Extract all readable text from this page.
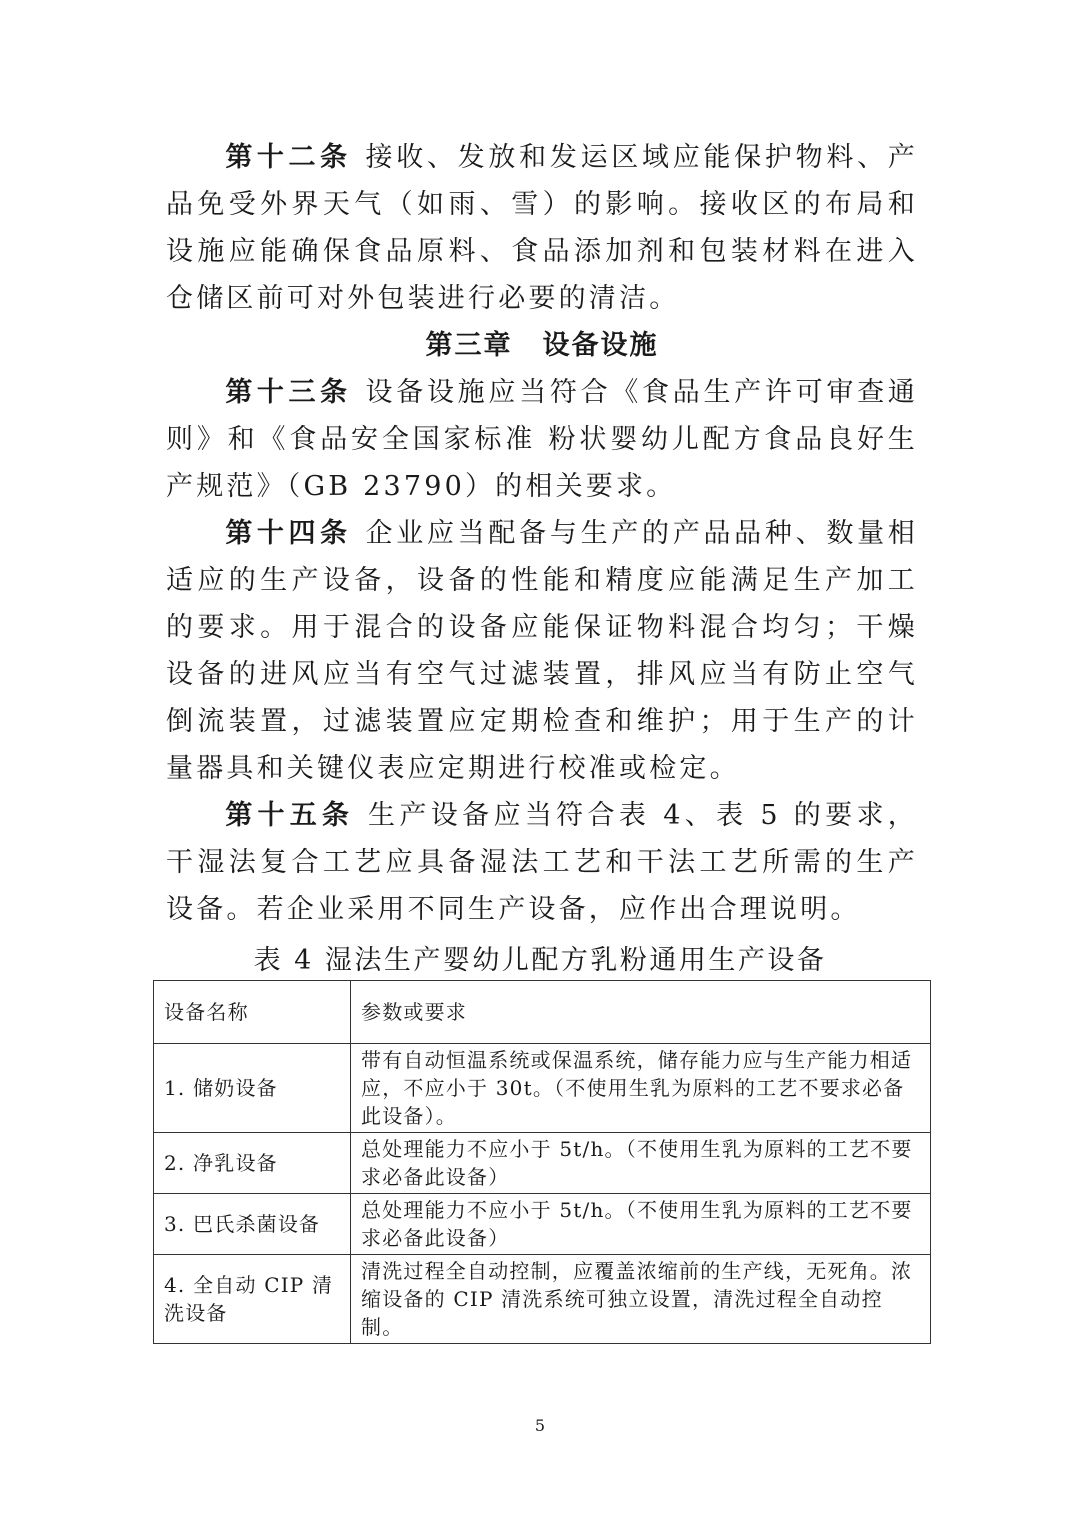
第十二条 接收、发放和发运区域应能保护物料、产品免受外界天气（如雨、雪）的影响。接收区的布局和设施应能确保食品原料、食品添加剂和包装材料在进入仓储区前可对外包装进行必要的清洁。

第三章 设备设施

第十三条 设备设施应当符合《食品生产许可审查通则》和《食品安全国家标准 粉状婴幼儿配方食品良好生产规范》（GB 23790）的相关要求。

第十四条 企业应当配备与生产的产品品种、数量相适应的生产设备，设备的性能和精度应能满足生产加工的要求。用于混合的设备应能保证物料混合均匀；干燥设备的进风应当有空气过滤装置，排风应当有防止空气倒流装置，过滤装置应定期检查和维护；用于生产的计量器具和关键仪表应定期进行校准或检定。

第十五条 生产设备应当符合表 4、表 5 的要求，干湿法复合工艺应具备湿法工艺和干法工艺所需的生产设备。若企业采用不同生产设备，应作出合理说明。

表 4 湿法生产婴幼儿配方乳粉通用生产设备
设备名称	参数或要求
1. 储奶设备	带有自动恒温系统或保温系统，储存能力应与生产能力相适应，不应小于 30t。（不使用生乳为原料的工艺不要求必备此设备）。
2. 净乳设备	总处理能力不应小于 5t/h。（不使用生乳为原料的工艺不要求必备此设备）
3. 巴氏杀菌设备	总处理能力不应小于 5t/h。（不使用生乳为原料的工艺不要求必备此设备）
4. 全自动 CIP 清洗设备	清洗过程全自动控制，应覆盖浓缩前的生产线，无死角。浓缩设备的 CIP 清洗系统可独立设置，清洗过程全自动控制。
5
